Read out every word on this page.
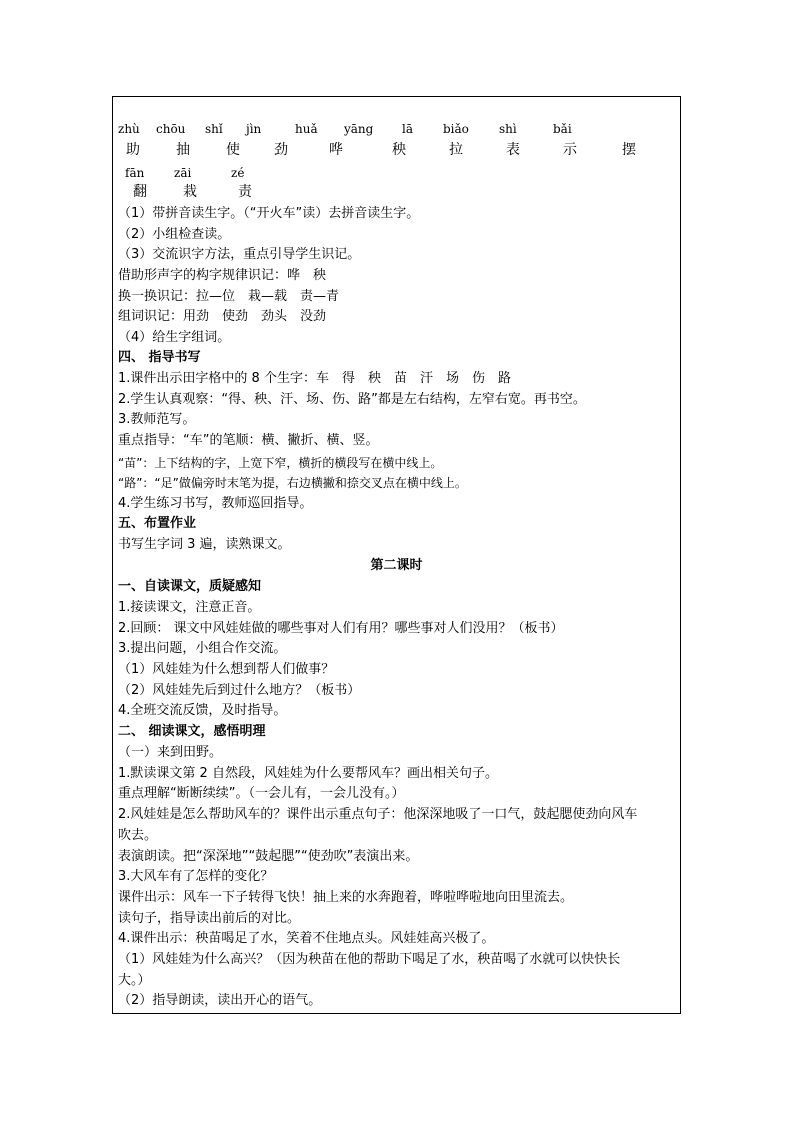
zhù chōu shǐ jìn	huǎ yāng lā	biǎo	shì	bǎi
助	抽	使 劲	哗	秧	拉	表	示	摆
fān zāi	zé
翻	栽	责
（1）带拼音读生字。（“开火车”读）去拼音读生字。
（2）小组检查读。
（3）交流识字方法，重点引导学生识记。
借助形声字的构字规律识记：哗　秧
换一换识记：拉—位　栽—载　责—青
组词识记：用劲　使劲　劲头　没劲
（4）给生字组词。
四、 指导书写
1.课件出示田字格中的 8 个生字：车　得　秧　苗　汗　场　伤　路
2.学生认真观察：“得、秧、汗、场、伤、路”都是左右结构，左窄右宽。再书空。
3.教师范写。
重点指导：“车”的笔顺：横、撇折、横、竖。
“苗”：上下结构的字，上宽下窄，横折的横段写在横中线上。
“路”：“足”做偏旁时末笔为提，右边横撇和捺交叉点在横中线上。
4.学生练习书写，教师巡回指导。
五、布置作业
书写生字词 3 遍，读熟课文。
第二课时
一、自读课文，质疑感知
1.接读课文，注意正音。
2.回顾： 课文中风娃娃做的哪些事对人们有用？哪些事对人们没用？（板书）
3.提出问题，小组合作交流。
（1）风娃娃为什么想到帮人们做事？
（2）风娃娃先后到过什么地方？（板书）
4.全班交流反馈，及时指导。
二、 细读课文，感悟明理
（一）来到田野。
1.默读课文第 2 自然段，风娃娃为什么要帮风车？画出相关句子。
重点理解“断断续续”。（一会儿有，一会儿没有。）
2.风娃娃是怎么帮助风车的？课件出示重点句子：他深深地吸了一口气，鼓起腮使劲向风车
吹去。
表演朗读。把“深深地”“鼓起腮”“使劲吹”表演出来。
3.大风车有了怎样的变化？
课件出示：风车一下子转得飞快！抽上来的水奔跑着，哗啦哗啦地向田里流去。
读句子，指导读出前后的对比。
4.课件出示：秧苗喝足了水，笑着不住地点头。风娃娃高兴极了。
（1）风娃娃为什么高兴？（因为秧苗在他的帮助下喝足了水，秧苗喝了水就可以快快长
大。）
（2）指导朗读，读出开心的语气。
